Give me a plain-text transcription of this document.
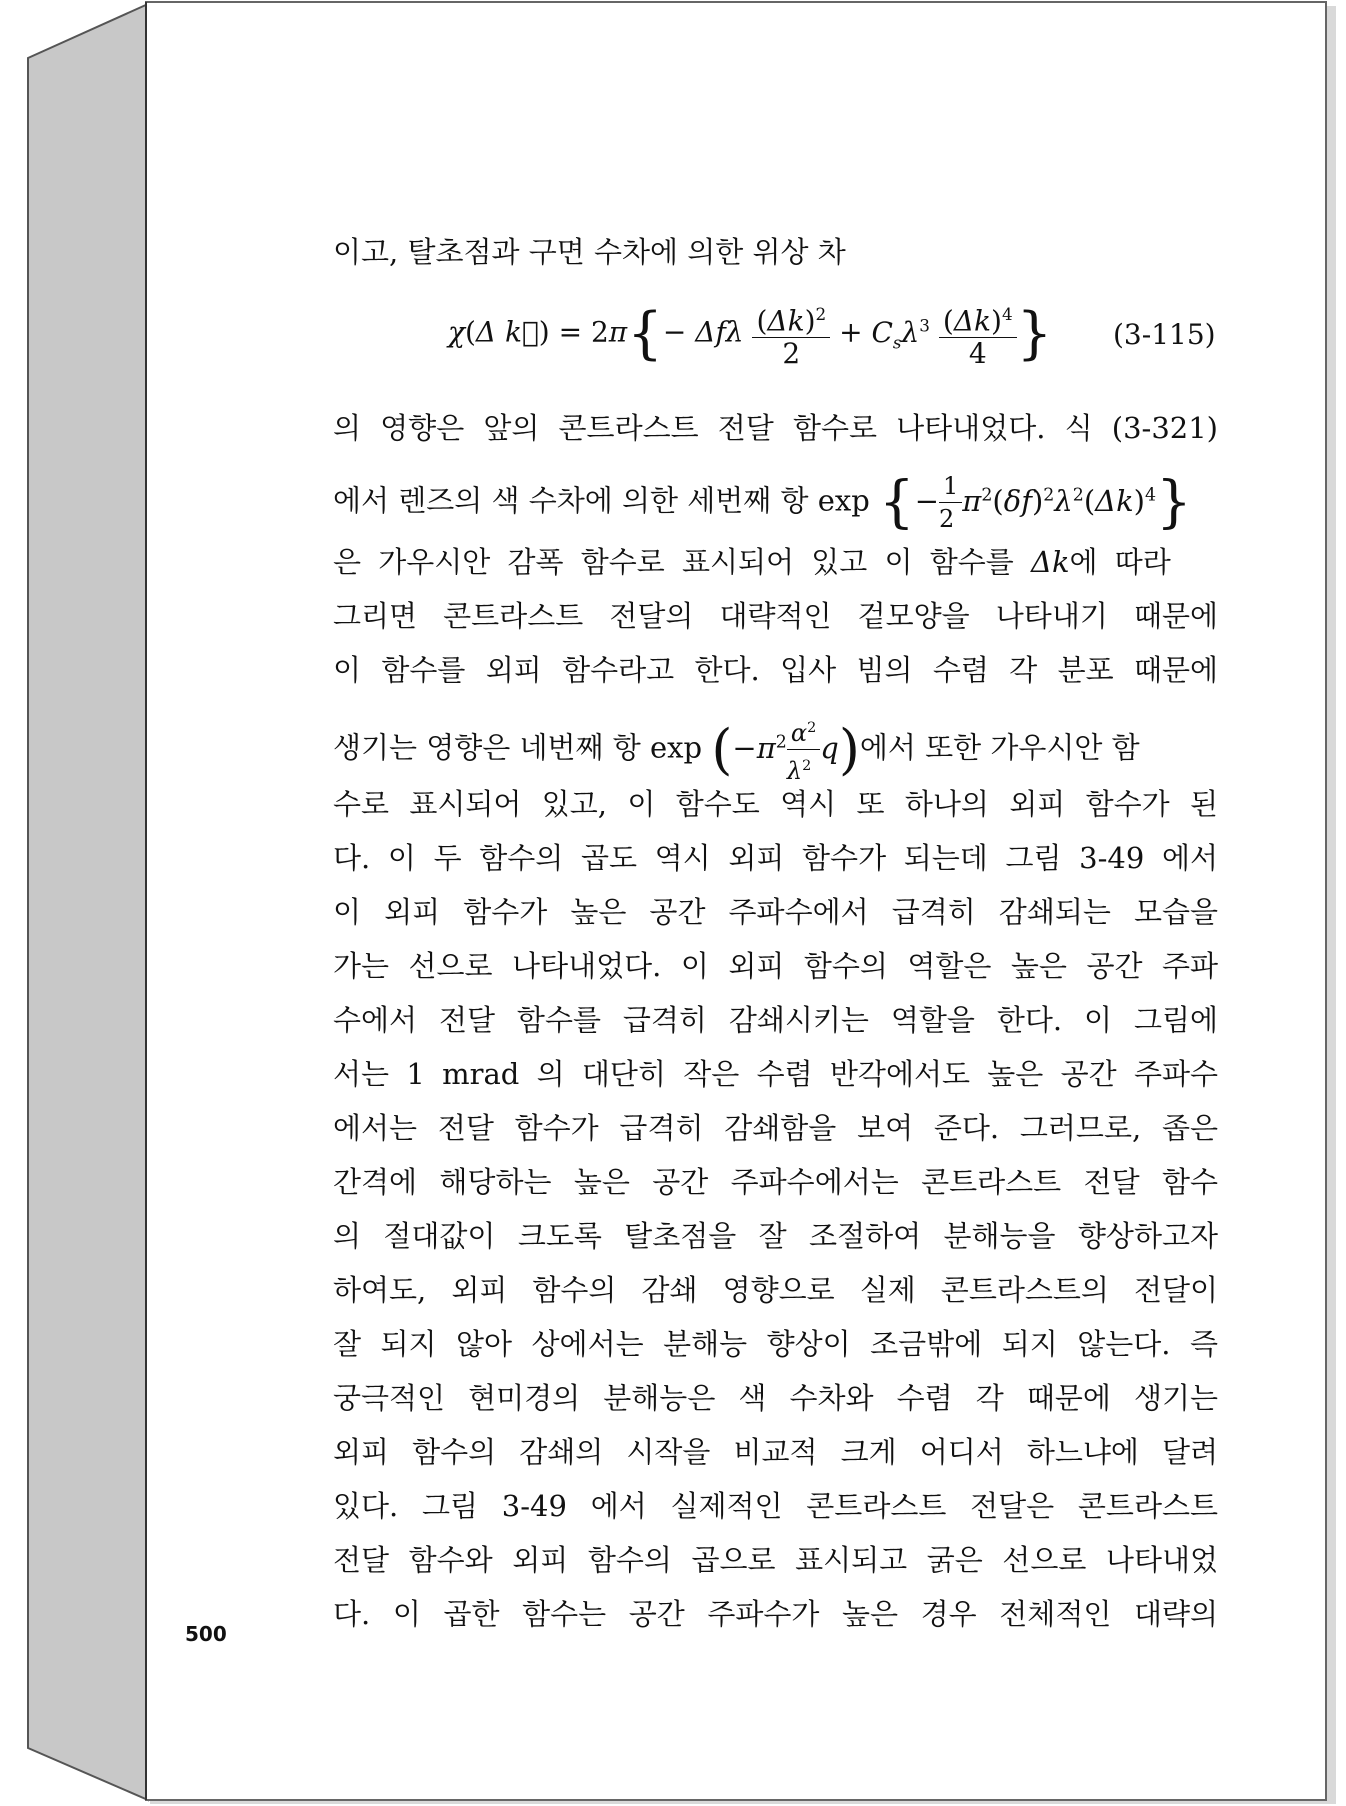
이고, 탈초점과 구면 수차에 의한 위상 차
χ(Δ k⃗) = 2π{− Δfλ $\frac{(\Delta k)^2}{2} + C_s\lambda^3 \frac{(\Delta k)^4}{4}$ }	(3-115)
의 영향은 앞의 콘트라스트 전달 함수로 나타내었다. 식 (3-321)
에서 렌즈의 색 수차에 의한 세번째 항 exp {− $\frac{1}{2} \pi^2(\delta f)^2\lambda^2(\Delta k)^4$}
은 가우시안 감폭 함수로 표시되어 있고 이 함수를 Δk에 따라
그리면 콘트라스트 전달의 대략적인 겉모양을 나타내기 때문에
이 함수를 외피 함수라고 한다. 입사 빔의 수렴 각 분포 때문에
생기는 영향은 네번째 항 $\exp (-\pi^2 \frac{\alpha^2}{\lambda^2} q)$에서 또한 가우시안 함
수로 표시되어 있고, 이 함수도 역시 또 하나의 외피 함수가 된
다. 이 두 함수의 곱도 역시 외피 함수가 되는데 그림 3-49 에서
이 외피 함수가 높은 공간 주파수에서 급격히 감쇄되는 모습을
가는 선으로 나타내었다. 이 외피 함수의 역할은 높은 공간 주파
수에서 전달 함수를 급격히 감쇄시키는 역할을 한다. 이 그림에
서는 1 mrad 의 대단히 작은 수렴 반각에서도 높은 공간 주파수
에서는 전달 함수가 급격히 감쇄함을 보여 준다. 그러므로, 좁은
간격에 해당하는 높은 공간 주파수에서는 콘트라스트 전달 함수
의 절대값이 크도록 탈초점을 잘 조절하여 분해능을 향상하고자
하여도, 외피 함수의 감쇄 영향으로 실제 콘트라스트의 전달이
잘 되지 않아 상에서는 분해능 향상이 조금밖에 되지 않는다. 즉
궁극적인 현미경의 분해능은 색 수차와 수렴 각 때문에 생기는
외피 함수의 감쇄의 시작을 비교적 크게 어디서 하느냐에 달려
있다. 그림 3-49 에서 실제적인 콘트라스트 전달은 콘트라스트
전달 함수와 외피 함수의 곱으로 표시되고 굵은 선으로 나타내었
다. 이 곱한 함수는 공간 주파수가 높은 경우 전체적인 대략의
500
